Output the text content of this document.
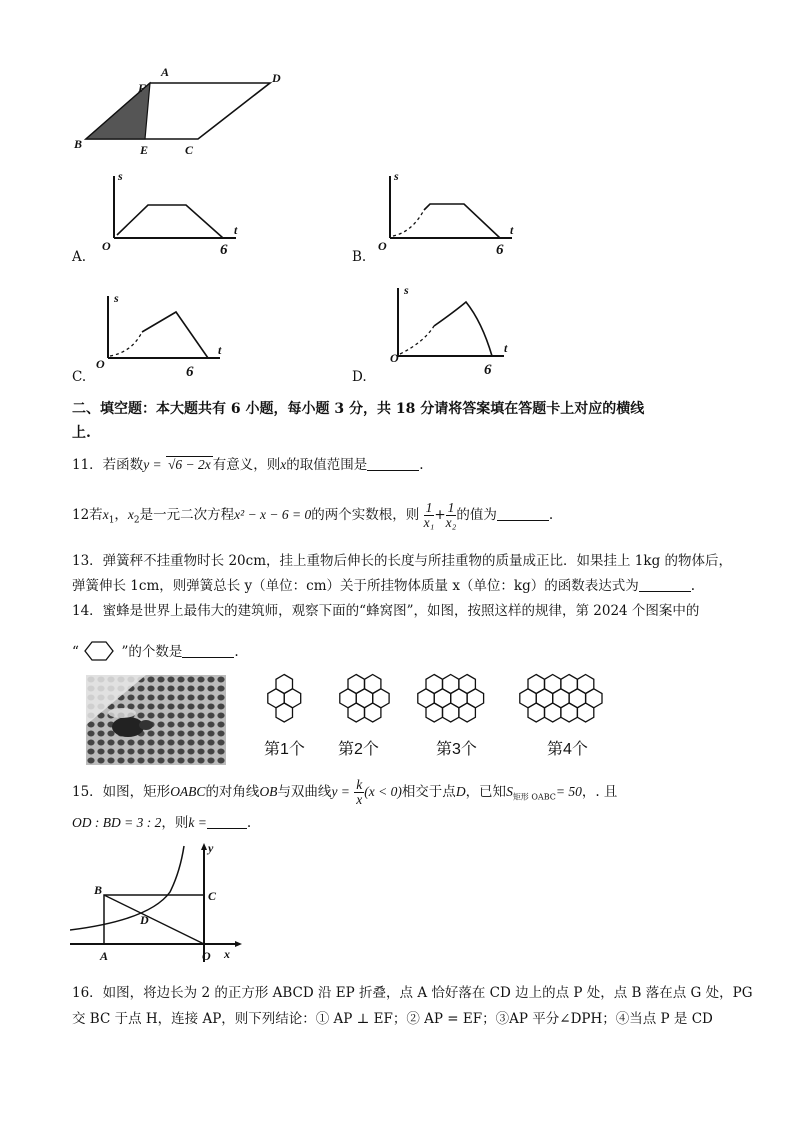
A	D
F
B	E	C
A.
s
t
O	6	B.
s
t
O	6
C.
s
t
O	6	D.
s
t
O
6
二、填空题：本大题共有 6 小题，每小题 3 分，共 18 分请将答案填在答题卡上对应的横线
上.
11．若函数y = √6 − 2x 有意义，则x的取值范围是	.
12若$x_1$，$x_2$是一元二次方程x² − x − 6 = 0的两个实数根，则 $\frac{1}{\text{x₁}} + \frac{1}{\text{x₂}}$ 的值为	.
13．弹簧秤不挂重物时长 20cm，挂上重物后伸长的长度与所挂重物的质量成正比．如果挂上 1kg 的物体后，
弹簧伸长 1cm，则弹簧总长 y（单位：cm）关于所挂物体质量 x（单位：kg）的函数表达式为	.
14．蜜蜂是世界上最伟大的建筑师，观察下面的“蜂窝图”，如图，按照这样的规律，第 2024 个图案中的
“	”的个数是	.
第1个 第2个	第3个	第4个
15．如图，矩形OABC的对角线OB与双曲线$y = \frac{k}{x} (x < 0)$相交于点D，已知$S_{矩形 OABC}= 50$，. 且
OD : BD = 3 : 2，则k =	.
y
x
B	C
D
A	O
16．如图，将边长为 2 的正方形 ABCD 沿 EP 折叠，点 A 恰好落在 CD 边上的点 P 处，点 B 落在点 G 处，PG
交 BC 于点 H，连接 AP，则下列结论：① AP ⊥ EF；② AP = EF；③AP 平分∠DPH；④当点 P 是 CD
